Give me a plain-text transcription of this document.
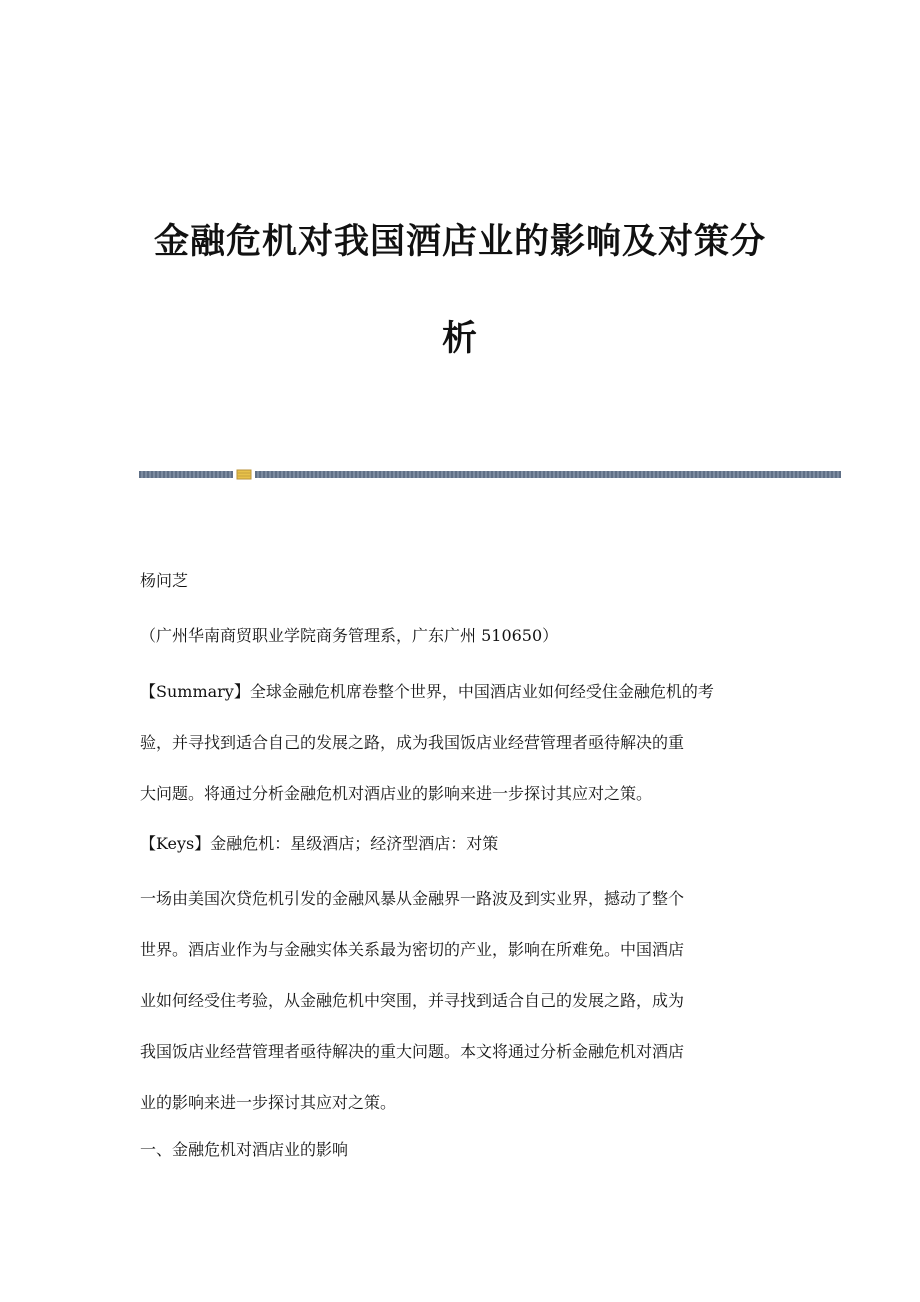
金融危机对我国酒店业的影响及对策分
析

杨问芝

（广州华南商贸职业学院商务管理系，广东广州 510650）

【Summary】全球金融危机席卷整个世界，中国酒店业如何经受住金融危机的考
验，并寻找到适合自己的发展之路，成为我国饭店业经营管理者亟待解决的重
大问题。将通过分析金融危机对酒店业的影响来进一步探讨其应对之策。

【Keys】金融危机：星级酒店；经济型酒店：对策

一场由美国次贷危机引发的金融风暴从金融界一路波及到实业界，撼动了整个
世界。酒店业作为与金融实体关系最为密切的产业，影响在所难免。中国酒店
业如何经受住考验，从金融危机中突围，并寻找到适合自己的发展之路，成为
我国饭店业经营管理者亟待解决的重大问题。本文将通过分析金融危机对酒店
业的影响来进一步探讨其应对之策。

一、金融危机对酒店业的影响
